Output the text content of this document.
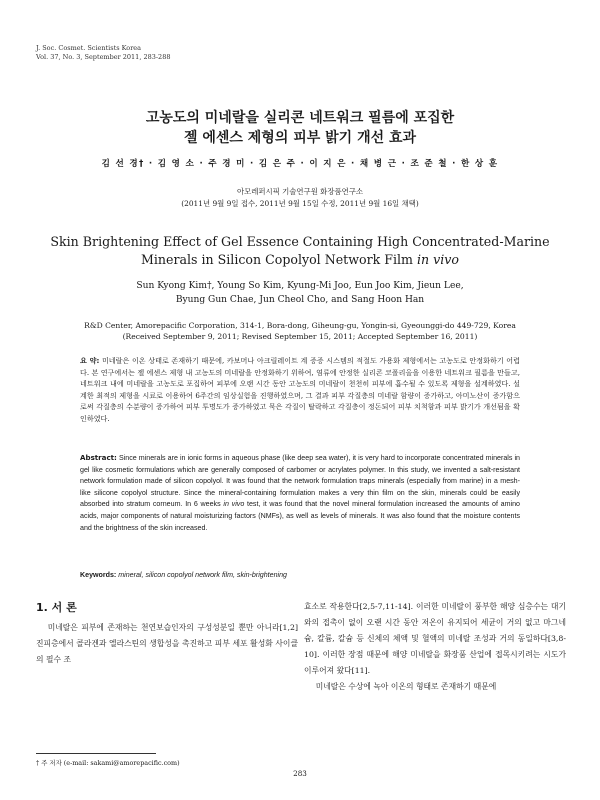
J. Soc. Cosmet. Scientists Korea
Vol. 37, No. 3, September 2011, 283-288
고농도의 미네랄을 실리콘 네트워크 필름에 포집한
젤 에센스 제형의 피부 밝기 개선 효과
김 선 경† · 김 영 소 · 주 경 미 · 김 은 주 · 이 지 은 · 채 병 근 · 조 준 철 · 한 상 훈
아모레퍼시픽 기술연구원 화장품연구소
(2011년 9월 9일 접수, 2011년 9월 15일 수정, 2011년 9월 16일 채택)
Skin Brightening Effect of Gel Essence Containing High Concentrated-Marine
Minerals in Silicon Copolyol Network Film in vivo
Sun Kyong Kim†, Young So Kim, Kyung-Mi Joo, Eun Joo Kim, Jieun Lee,
Byung Gun Chae, Jun Cheol Cho, and Sang Hoon Han
R&D Center, Amorepacific Corporation, 314-1, Bora-dong, Giheung-gu, Yongin-si, Gyeounggi-do 449-729, Korea
(Received September 9, 2011; Revised September 15, 2011; Accepted September 16, 2011)
요 약: 미네랄은 이온 상태로 존재하기 때문에, 카보머나 아크릴레이트 계 증증 시스템의 적절도 가용화 제형에서는 고농도로 안정화하기 어렵다. 본 연구에서는 젤 에센스 제형 내 고농도의 미네랄을 안정화하기 위하여, 염류에 안정한 실리콘 코폴리올을 이용한 네트워크 필름을 만들고, 네트워크 내에 미네랄을 고농도로 포집하여 피부에 오랜 시간 동안 고농도의 미네랄이 천천히 피부에 흡수될 수 있도록 제형을 설계하였다. 설계한 최적의 제형을 시료로 이용하여 6주간의 임상실험을 진행하였으며, 그 결과 피부 각질층의 미네랄 함량이 증가하고, 아미노산이 증가함으로써 각질층의 수분량이 증가하여 피부 투명도가 증가하였고 묵은 각질이 탈락하고 각질층이 정돈되어 피부 치척함과 피부 밝기가 개선됨을 확인하였다.
Abstract: Since minerals are in ionic forms in aqueous phase (like deep sea water), it is very hard to incorporate concentrated minerals in gel like cosmetic formulations which are generally composed of carbomer or acrylates polymer. In this study, we invented a salt-resistant network formulation made of silicon copolyol. It was found that the network formulation traps minerals (especially from marine) in a mesh-like silicone copolyol structure. Since the mineral-containing formulation makes a very thin film on the skin, minerals could be easily absorbed into stratum corneum. In 6 weeks in vivo test, it was found that the novel mineral formulation increased the amounts of amino acids, major components of natural moisturizing factors (NMFs), as well as levels of minerals. It was also found that the moisture contents and the brightness of the skin increased.
Keywords: mineral, silicon copolyol network film, skin-brightening
1. 서 론

미네랄은 피부에 존재하는 천연보습인자의 구성성분일 뿐만 아니라[1,2] 진피층에서 콜라겐과 엘라스틴의 생합성을 촉진하고 피부 세포 활성화 사이클의 필수 조

효소로 작용한다[2,5-7,11-14]. 이러한 미네랄이 풍부한 해양 심층수는 대기와의 접촉이 없이 오랜 시간 동안 저온이 유지되어 세균이 거의 없고 마그네슘, 칼륨, 칼슘 등 신체의 체액 및 혈액의 미네랄 조성과 거의 동일하다[3,8-10]. 이러한 장점 때문에 해양 미네랄을 화장품 산업에 접목시키려는 시도가 이루어져 왔다[11].

미네랄은 수상에 녹아 이온의 형태로 존재하기 때문에

† 주 저자 (e-mail: sakami@amorepacific.com)
283
